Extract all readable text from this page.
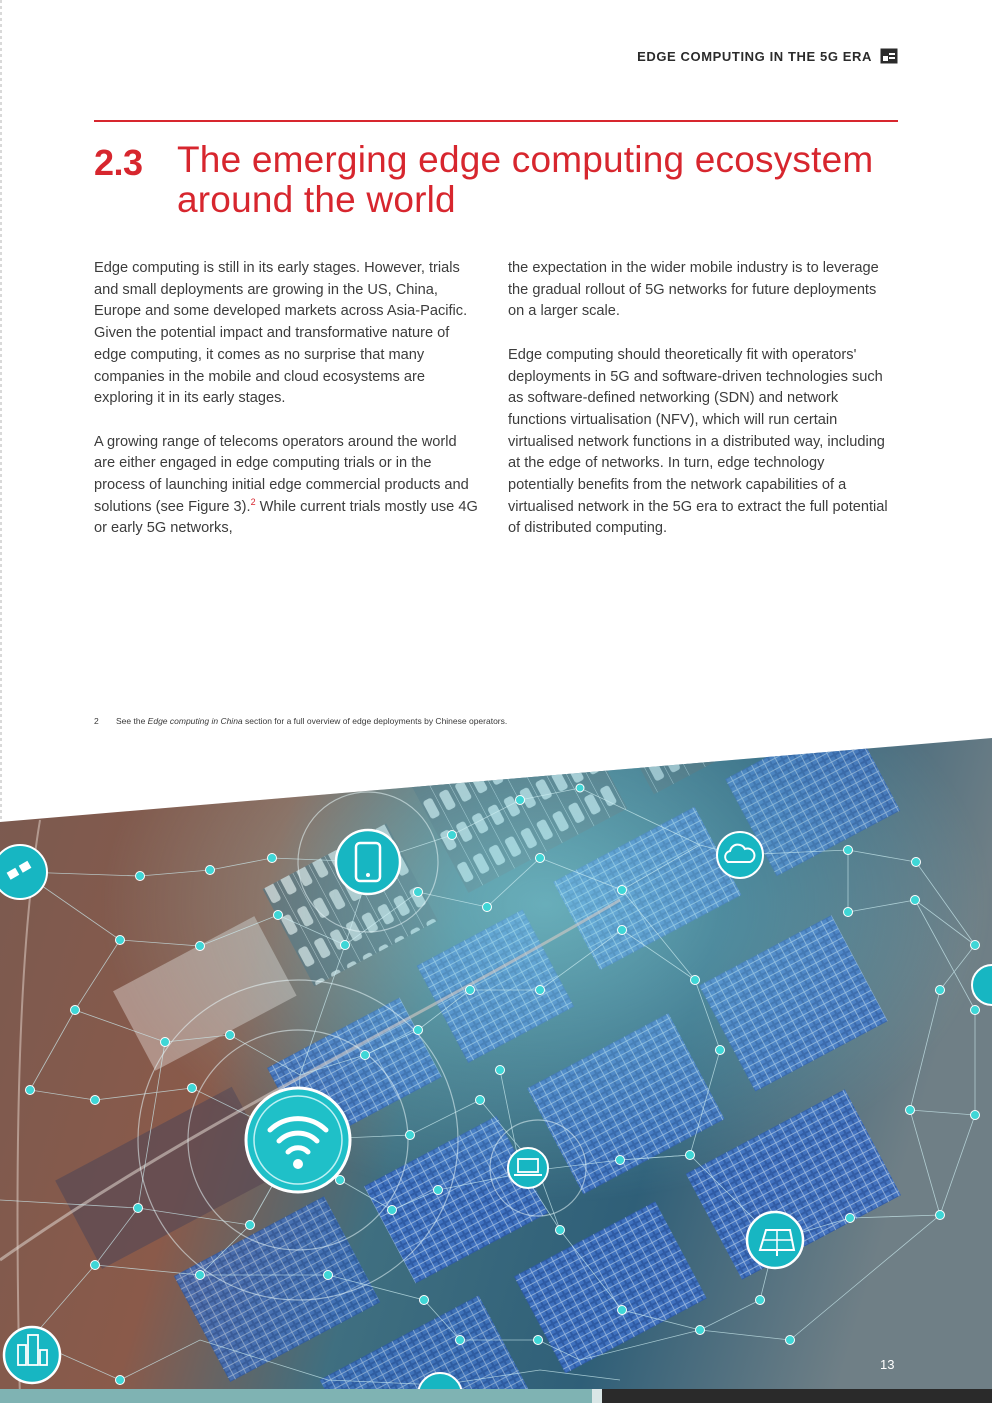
EDGE COMPUTING IN THE 5G ERA
2.3 The emerging edge computing ecosystem around the world

Edge computing is still in its early stages. However, trials and small deployments are growing in the US, China, Europe and some developed markets across Asia-Pacific. Given the potential impact and transformative nature of edge computing, it comes as no surprise that many companies in the mobile and cloud ecosystems are exploring it in its early stages.

A growing range of telecoms operators around the world are either engaged in edge computing trials or in the process of launching initial edge commercial products and solutions (see Figure 3).$^2$ While current trials mostly use 4G or early 5G networks,

the expectation in the wider mobile industry is to leverage the gradual rollout of 5G networks for future deployments on a larger scale.

Edge computing should theoretically fit with operators' deployments in 5G and software-driven technologies such as software-defined networking (SDN) and network functions virtualisation (NFV), which will run certain virtualised network functions in a distributed way, including at the edge of networks. In turn, edge technology potentially benefits from the network capabilities of a virtualised network in the 5G era to extract the full potential of distributed computing.

2 See the Edge computing in China section for a full overview of edge deployments by Chinese operators.
13
